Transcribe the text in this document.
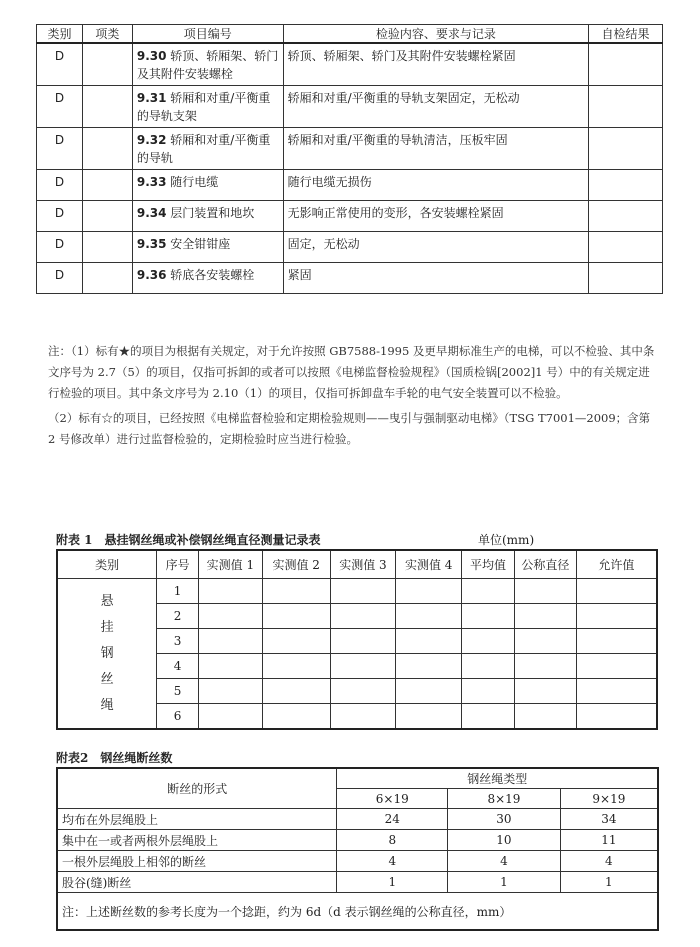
类别	项类	项目编号	检验内容、要求与记录	自检结果
D		9.30 轿顶、轿厢架、轿门及其附件安装螺栓	轿顶、轿厢架、轿门及其附件安装螺栓紧固	
D		9.31 轿厢和对重/平衡重的导轨支架	轿厢和对重/平衡重的导轨支架固定，无松动	
D		9.32 轿厢和对重/平衡重的导轨	轿厢和对重/平衡重的导轨清洁，压板牢固	
D		9.33 随行电缆	随行电缆无损伤	
D		9.34 层门装置和地坎	无影响正常使用的变形，各安装螺栓紧固	
D		9.35 安全钳钳座	固定，无松动	
D		9.36 轿底各安装螺栓	紧固	

注：（1）标有★的项目为根据有关规定，对于允许按照 GB7588-1995 及更早期标准生产的电梯，可以不检验、其中条文序号为 2.7（5）的项目，仅指可拆卸的或者可以按照《电梯监督检验规程》（国质检锅[2002]1 号）中的有关规定进行检验的项目。其中条文序号为 2.10（1）的项目，仅指可拆卸盘车手轮的电气安全装置可以不检验。

（2）标有☆的项目，已经按照《电梯监督检验和定期检验规则——曳引与强制驱动电梯》（TSG T7001—2009；含第 2 号修改单）进行过监督检验的，定期检验时应当进行检验。

附表 1　悬挂钢丝绳或补偿钢丝绳直径测量记录表	单位(mm)
类别	序号	实测值 1	实测值 2	实测值 3	实测值 4	平均值	公称直径	允许值

悬
挂
钢
丝
绳	1							
	2							
	3							
	4							
	5							
	6							
附表2　钢丝绳断丝数
断丝的形式	钢丝绳类型		
	6×19	8×19	9×19
均布在外层绳股上	24	30	34
集中在一或者两根外层绳股上	8	10	11
一根外层绳股上相邻的断丝	4	4	4
股谷(缝)断丝	1	1	1
注：上述断丝数的参考长度为一个捻距，约为 6d（d 表示钢丝绳的公称直径，mm）			
